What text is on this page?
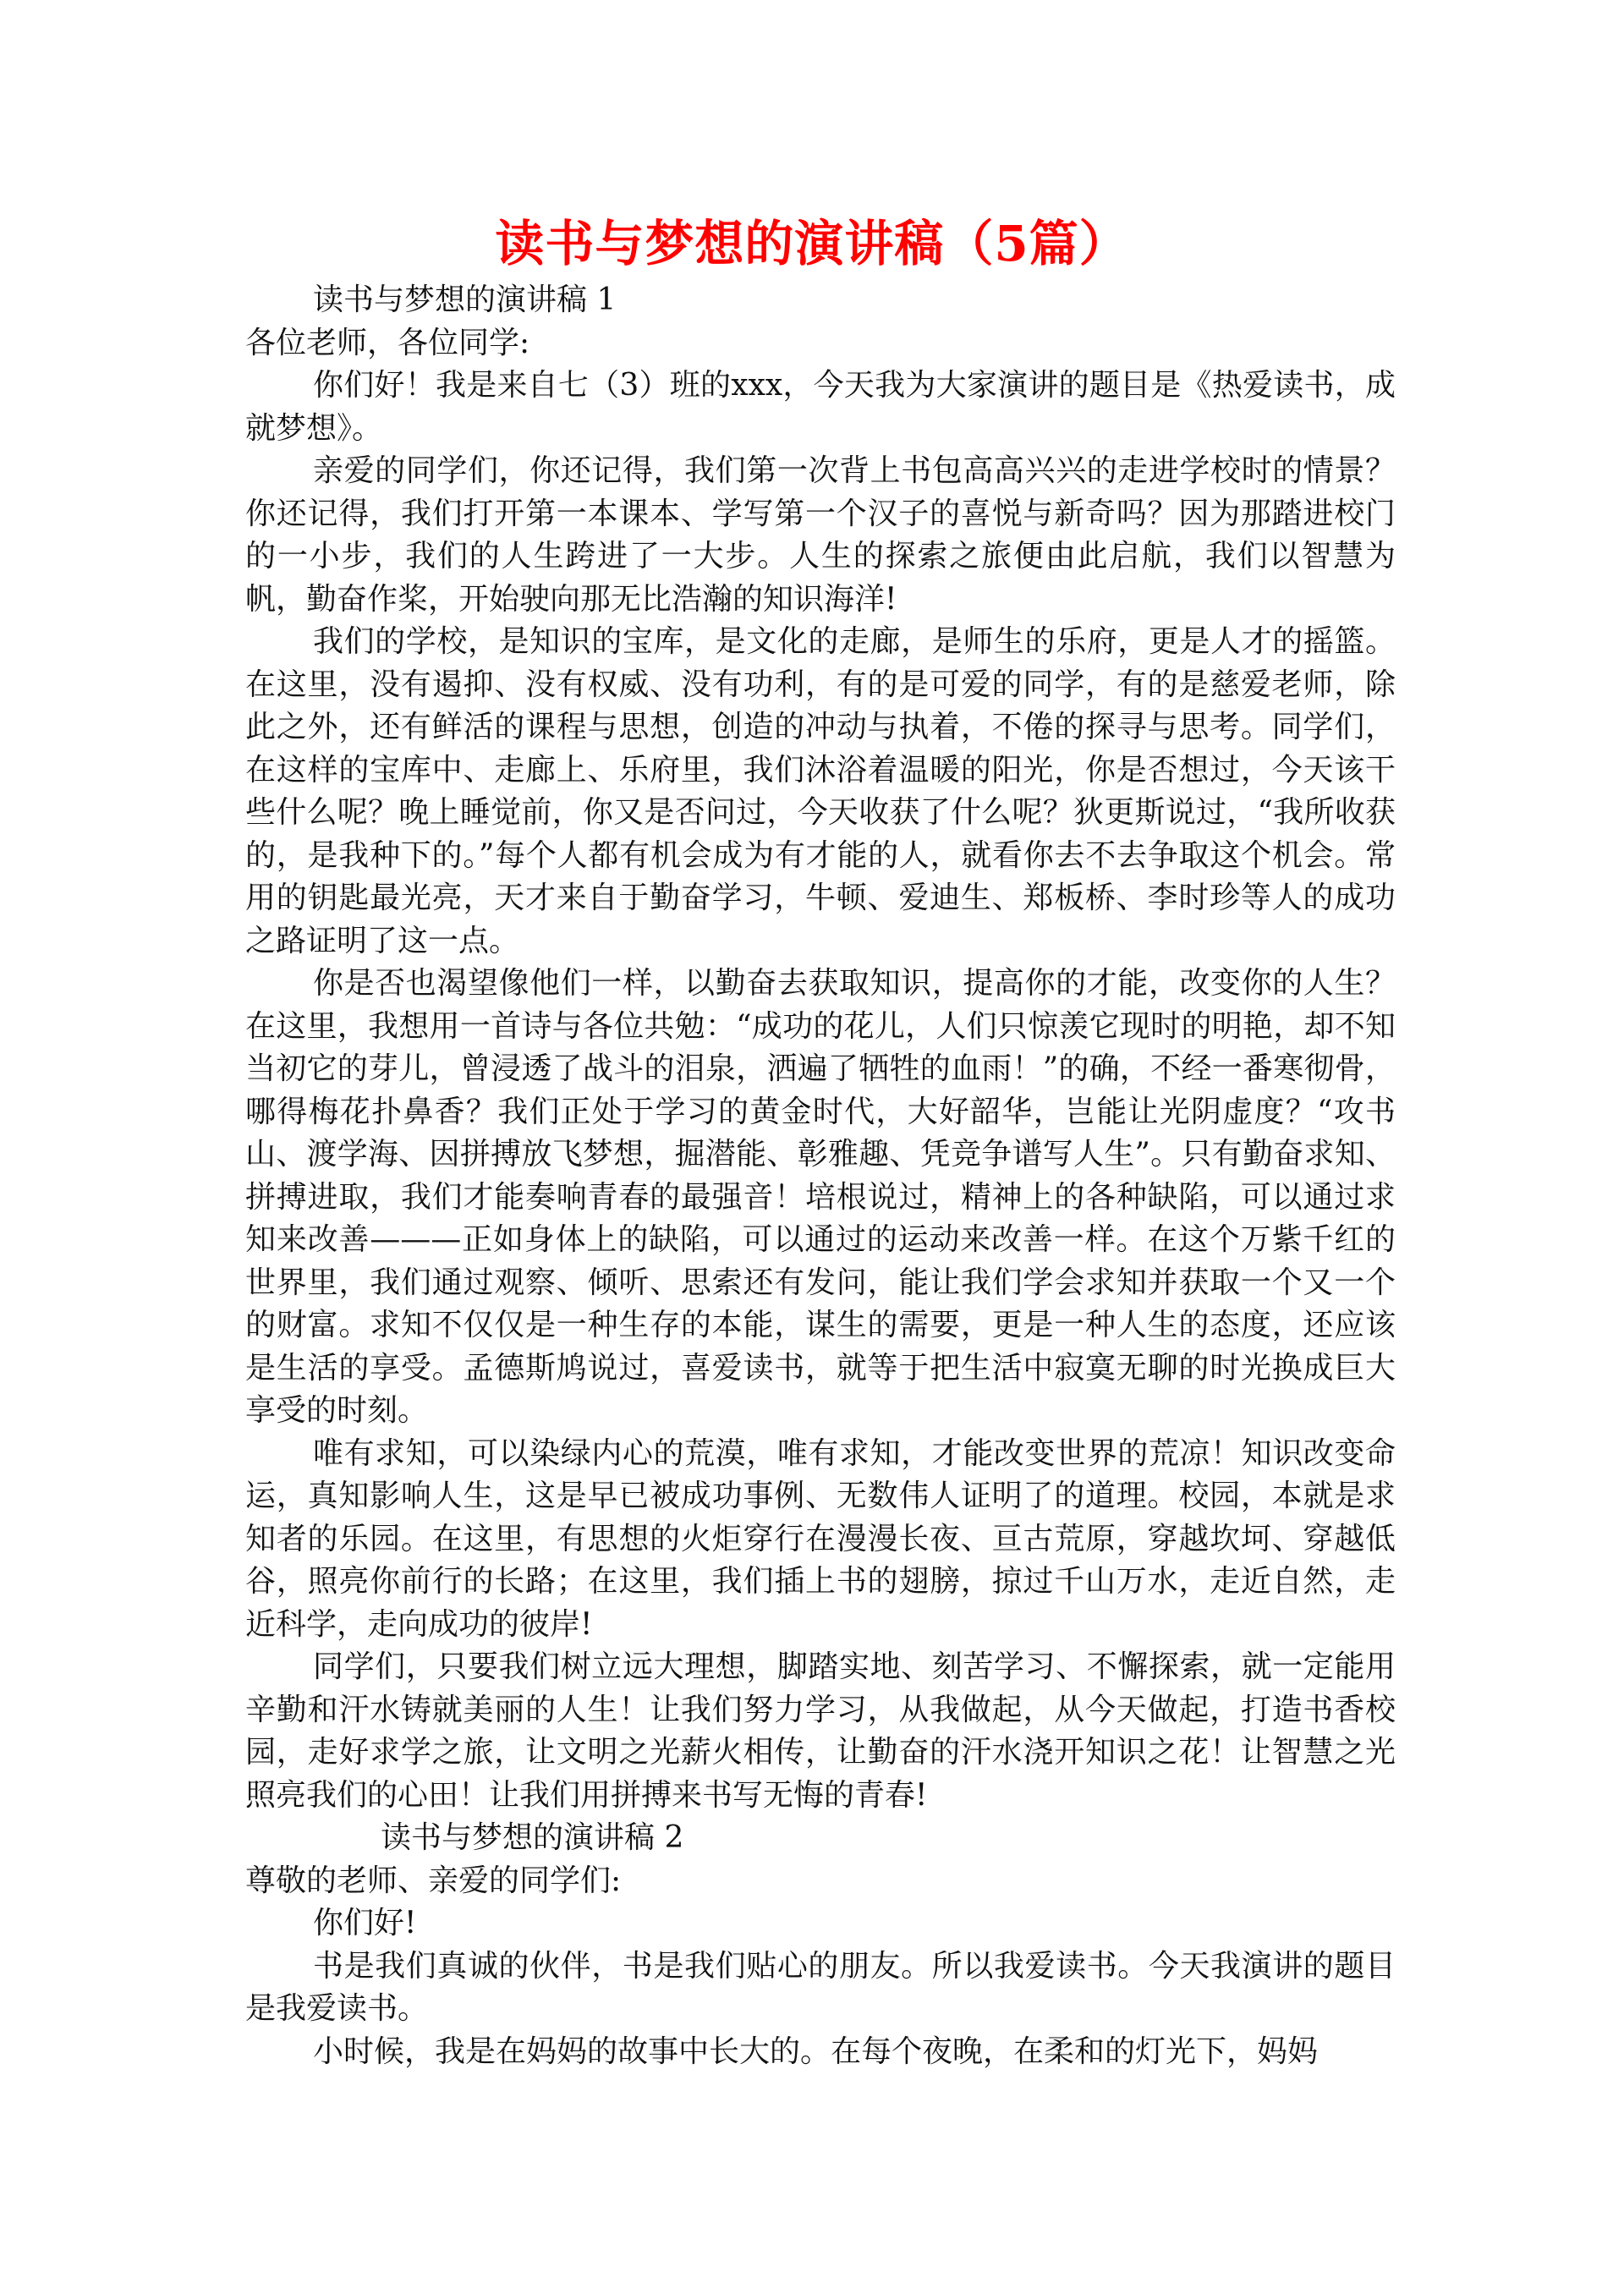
读书与梦想的演讲稿（5篇）

读书与梦想的演讲稿 1

各位老师，各位同学:

你们好！我是来自七（3）班的xxx，今天我为大家演讲的题目是《热爱读书，成就梦想》。

亲爱的同学们，你还记得，我们第一次背上书包高高兴兴的走进学校时的情景？你还记得，我们打开第一本课本、学写第一个汉子的喜悦与新奇吗？因为那踏进校门的一小步，我们的人生跨进了一大步。人生的探索之旅便由此启航，我们以智慧为帆，勤奋作桨，开始驶向那无比浩瀚的知识海洋!

我们的学校，是知识的宝库，是文化的走廊，是师生的乐府，更是人才的摇篮。在这里，没有遏抑、没有权威、没有功利，有的是可爱的同学，有的是慈爱老师，除此之外，还有鲜活的课程与思想，创造的冲动与执着，不倦的探寻与思考。同学们，在这样的宝库中、走廊上、乐府里，我们沐浴着温暖的阳光，你是否想过，今天该干些什么呢？晚上睡觉前，你又是否问过，今天收获了什么呢？狄更斯说过，“我所收获的，是我种下的。”每个人都有机会成为有才能的人，就看你去不去争取这个机会。常用的钥匙最光亮，天才来自于勤奋学习，牛顿、爱迪生、郑板桥、李时珍等人的成功之路证明了这一点。

你是否也渴望像他们一样，以勤奋去获取知识，提高你的才能，改变你的人生？在这里，我想用一首诗与各位共勉：“成功的花儿，人们只惊羡它现时的明艳，却不知当初它的芽儿，曾浸透了战斗的泪泉，洒遍了牺牲的血雨！”的确，不经一番寒彻骨，哪得梅花扑鼻香？我们正处于学习的黄金时代，大好韶华，岂能让光阴虚度？“攻书山、渡学海、因拼搏放飞梦想，掘潜能、彰雅趣、凭竞争谱写人生”。只有勤奋求知、拼搏进取，我们才能奏响青春的最强音！培根说过，精神上的各种缺陷，可以通过求知来改善———正如身体上的缺陷，可以通过的运动来改善一样。在这个万紫千红的世界里，我们通过观察、倾听、思索还有发问，能让我们学会求知并获取一个又一个的财富。求知不仅仅是一种生存的本能，谋生的需要，更是一种人生的态度，还应该是生活的享受。孟德斯鸠说过，喜爱读书，就等于把生活中寂寞无聊的时光换成巨大享受的时刻。

唯有求知，可以染绿内心的荒漠，唯有求知，才能改变世界的荒凉！知识改变命运，真知影响人生，这是早已被成功事例、无数伟人证明了的道理。校园，本就是求知者的乐园。在这里，有思想的火炬穿行在漫漫长夜、亘古荒原，穿越坎坷、穿越低谷，照亮你前行的长路；在这里，我们插上书的翅膀，掠过千山万水，走近自然，走近科学，走向成功的彼岸!

同学们，只要我们树立远大理想，脚踏实地、刻苦学习、不懈探索，就一定能用辛勤和汗水铸就美丽的人生！让我们努力学习，从我做起，从今天做起，打造书香校园，走好求学之旅，让文明之光薪火相传，让勤奋的汗水浇开知识之花！让智慧之光照亮我们的心田！让我们用拼搏来书写无悔的青春!

读书与梦想的演讲稿 2

尊敬的老师、亲爱的同学们:

你们好!

书是我们真诚的伙伴，书是我们贴心的朋友。所以我爱读书。今天我演讲的题目是我爱读书。

小时候，我是在妈妈的故事中长大的。在每个夜晚，在柔和的灯光下，妈妈
